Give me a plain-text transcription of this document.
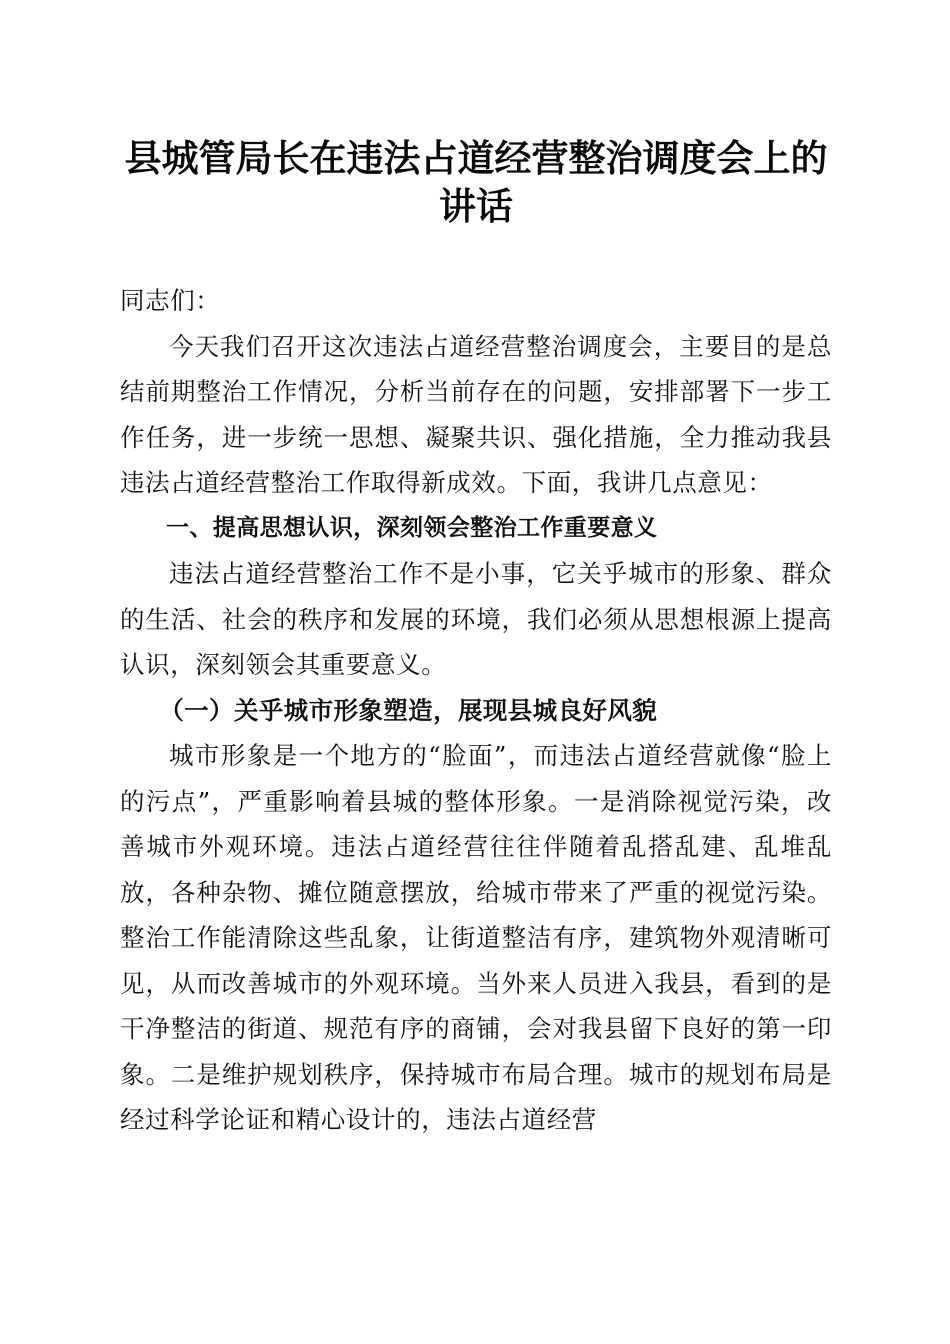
县城管局长在违法占道经营整治调度会上的讲话

同志们：

今天我们召开这次违法占道经营整治调度会，主要目的是总结前期整治工作情况，分析当前存在的问题，安排部署下一步工作任务，进一步统一思想、凝聚共识、强化措施，全力推动我县违法占道经营整治工作取得新成效。下面，我讲几点意见：

一、提高思想认识，深刻领会整治工作重要意义

违法占道经营整治工作不是小事，它关乎城市的形象、群众的生活、社会的秩序和发展的环境，我们必须从思想根源上提高认识，深刻领会其重要意义。

（一）关乎城市形象塑造，展现县城良好风貌

城市形象是一个地方的“脸面”，而违法占道经营就像“脸上的污点”，严重影响着县城的整体形象。一是消除视觉污染，改善城市外观环境。违法占道经营往往伴随着乱搭乱建、乱堆乱放，各种杂物、摊位随意摆放，给城市带来了严重的视觉污染。整治工作能清除这些乱象，让街道整洁有序，建筑物外观清晰可见，从而改善城市的外观环境。当外来人员进入我县，看到的是干净整洁的街道、规范有序的商铺，会对我县留下良好的第一印象。二是维护规划秩序，保持城市布局合理。城市的规划布局是经过科学论证和精心设计的，违法占道经营
